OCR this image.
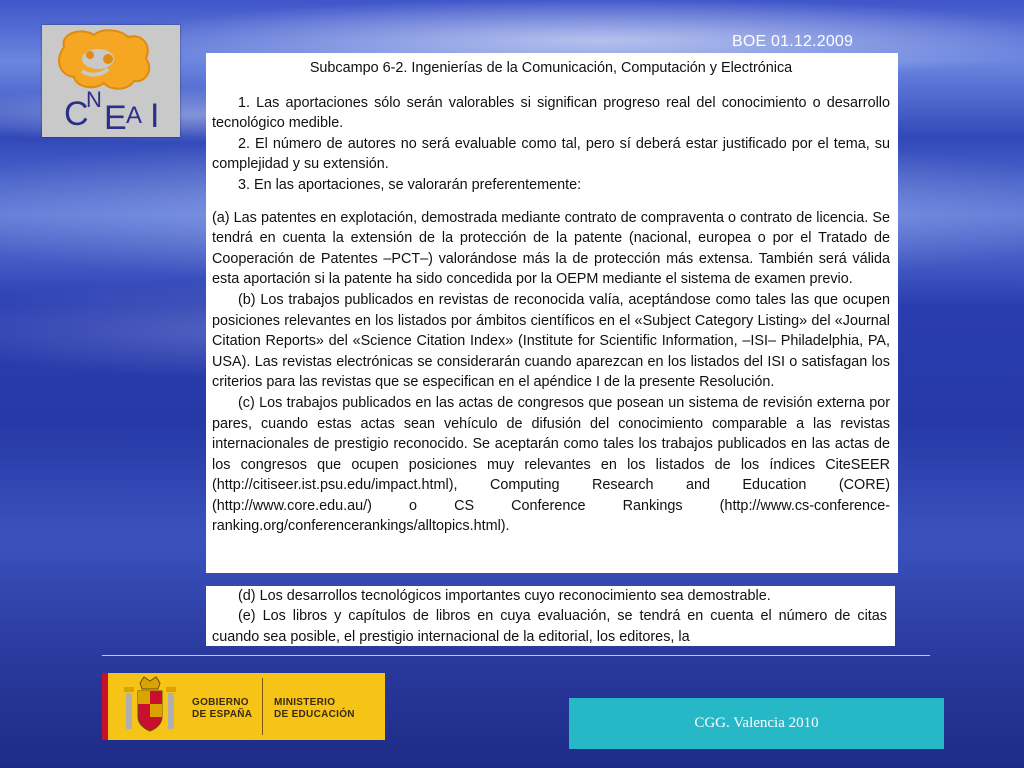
C
N E A I
BOE 01.12.2009

Subcampo 6-2. Ingenierías de la Comunicación, Computación y Electrónica

1. Las aportaciones sólo serán valorables si significan progreso real del conocimiento o desarrollo tecnológico medible.

2. El número de autores no será evaluable como tal, pero sí deberá estar justificado por el tema, su complejidad y su extensión.

3. En las aportaciones, se valorarán preferentemente:

(a) Las patentes en explotación, demostrada mediante contrato de compraventa o contrato de licencia. Se tendrá en cuenta la extensión de la protección de la patente (nacional, europea o por el Tratado de Cooperación de Patentes –PCT–) valorándose más la de protección más extensa. También será válida esta aportación si la patente ha sido concedida por la OEPM mediante el sistema de examen previo.

(b) Los trabajos publicados en revistas de reconocida valía, aceptándose como tales las que ocupen posiciones relevantes en los listados por ámbitos científicos en el «Subject Category Listing» del «Journal Citation Reports» del «Science Citation Index» (Institute for Scientific Information, –ISI– Philadelphia, PA, USA). Las revistas electrónicas se considerarán cuando aparezcan en los listados del ISI o satisfagan los criterios para las revistas que se especifican en el apéndice I de la presente Resolución.

(c) Los trabajos publicados en las actas de congresos que posean un sistema de revisión externa por pares, cuando estas actas sean vehículo de difusión del conocimiento comparable a las revistas internacionales de prestigio reconocido. Se aceptarán como tales los trabajos publicados en las actas de los congresos que ocupen posiciones muy relevantes en los listados de los índices CiteSEER (http://citiseer.ist.psu.edu/impact.html), Computing Research and Education (CORE) (http://www.core.edu.au/) o CS Conference Rankings (http://www.cs-conference-ranking.org/conferencerankings/alltopics.html).

(d) Los desarrollos tecnológicos importantes cuyo reconocimiento sea demostrable.

(e) Los libros y capítulos de libros en cuya evaluación, se tendrá en cuenta el número de citas cuando sea posible, el prestigio internacional de la editorial, los editores, la

GOBIERNO
DE ESPAÑA
MINISTERIO
DE EDUCACIÓN
CGG. Valencia 2010
